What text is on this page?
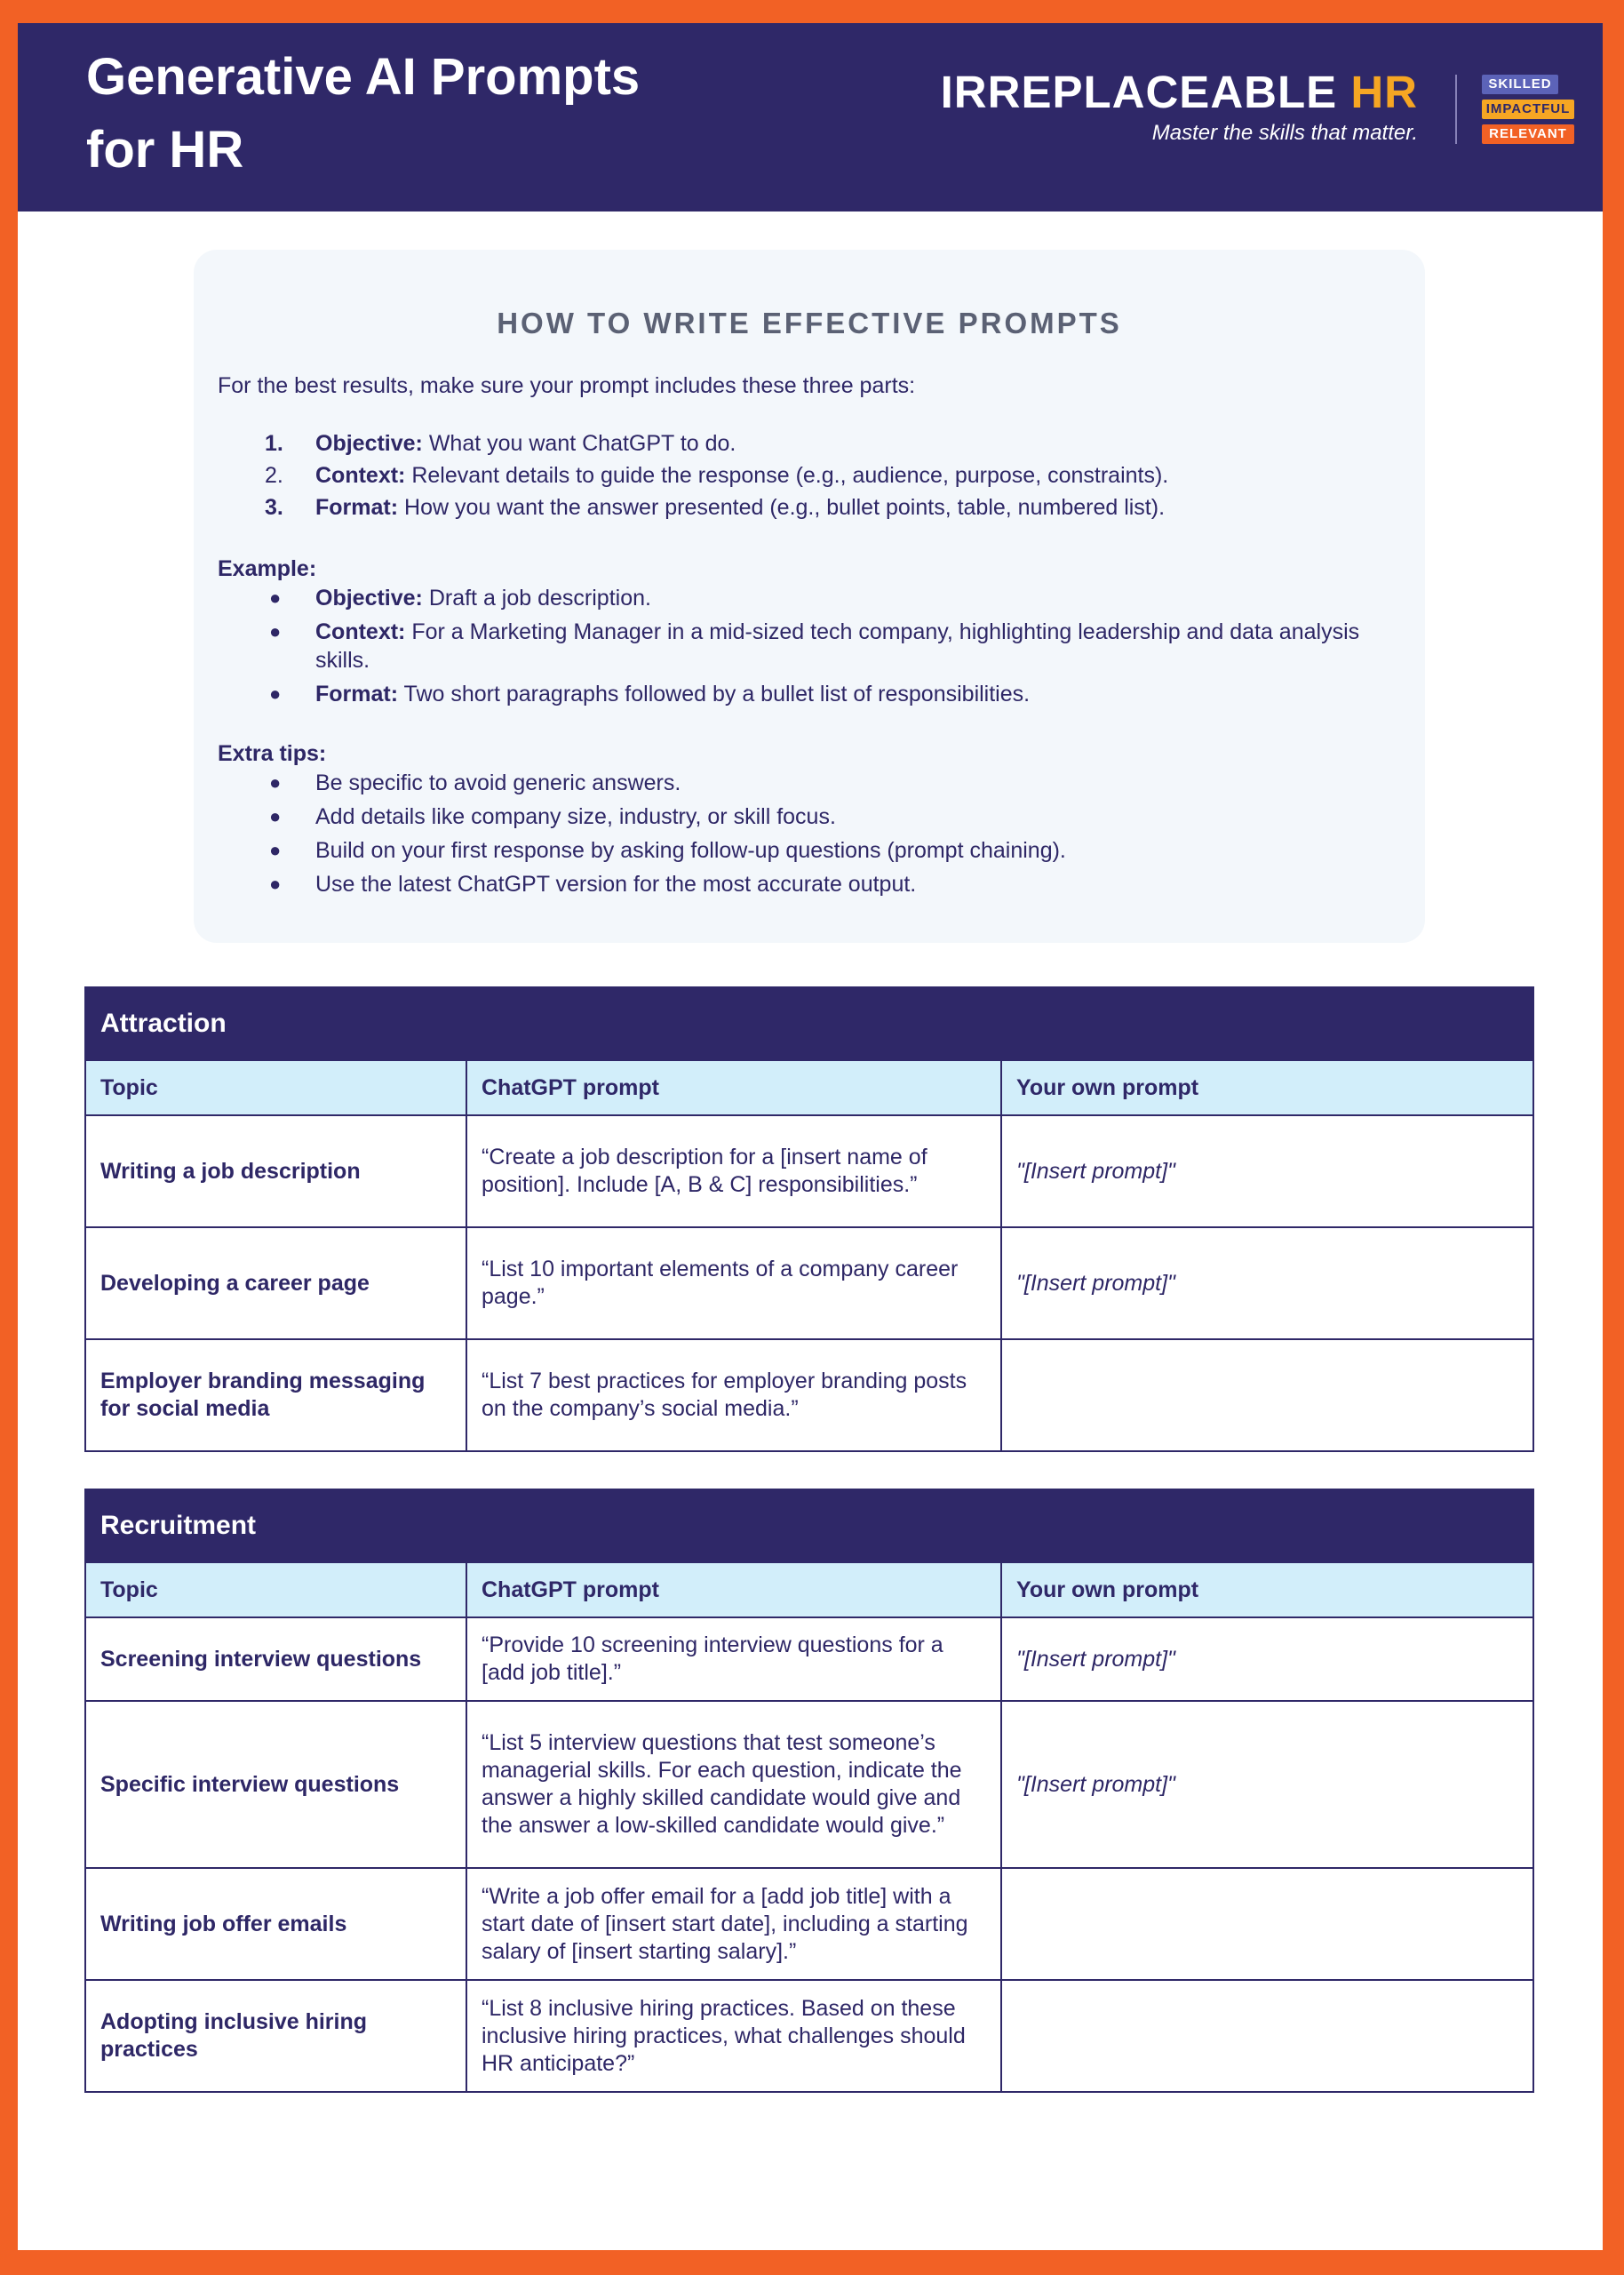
Generative AI Prompts
for HR
IRREPLACEABLE HR
Master the skills that matter.
SKILLED
IMPACTFUL
RELEVANT
HOW TO WRITE EFFECTIVE PROMPTS

For the best results, make sure your prompt includes these three parts:

1. Objective: What you want ChatGPT to do.
2. Context: Relevant details to guide the response (e.g., audience, purpose, constraints).
3. Format: How you want the answer presented (e.g., bullet points, table, numbered list).
Example:
● Objective: Draft a job description.
● Context: For a Marketing Manager in a mid-sized tech company, highlighting leadership and data analysis skills.
● Format: Two short paragraphs followed by a bullet list of responsibilities.
Extra tips:
● Be specific to avoid generic answers.
● Add details like company size, industry, or skill focus.
● Build on your first response by asking follow-up questions (prompt chaining).
● Use the latest ChatGPT version for the most accurate output.
Attraction		
Topic	ChatGPT prompt	Your own prompt
Writing a job description	“Create a job description for a [insert name of position]. Include [A, B & C] responsibilities.”	"[Insert prompt]"
Developing a career page	“List 10 important elements of a company career page.”	"[Insert prompt]"
Employer branding messaging for social media	“List 7 best practices for employer branding posts on the company’s social media.”	
Recruitment		
Topic	ChatGPT prompt	Your own prompt
Screening interview questions	“Provide 10 screening interview questions for a [add job title].”	"[Insert prompt]"
Specific interview questions	“List 5 interview questions that test someone’s managerial skills. For each question, indicate the answer a highly skilled candidate would give and the answer a low-skilled candidate would give.”	"[Insert prompt]"
Writing job offer emails	“Write a job offer email for a [add job title] with a start date of [insert start date], including a starting salary of [insert starting salary].”	
Adopting inclusive hiring practices	“List 8 inclusive hiring practices. Based on these inclusive hiring practices, what challenges should HR anticipate?”	
